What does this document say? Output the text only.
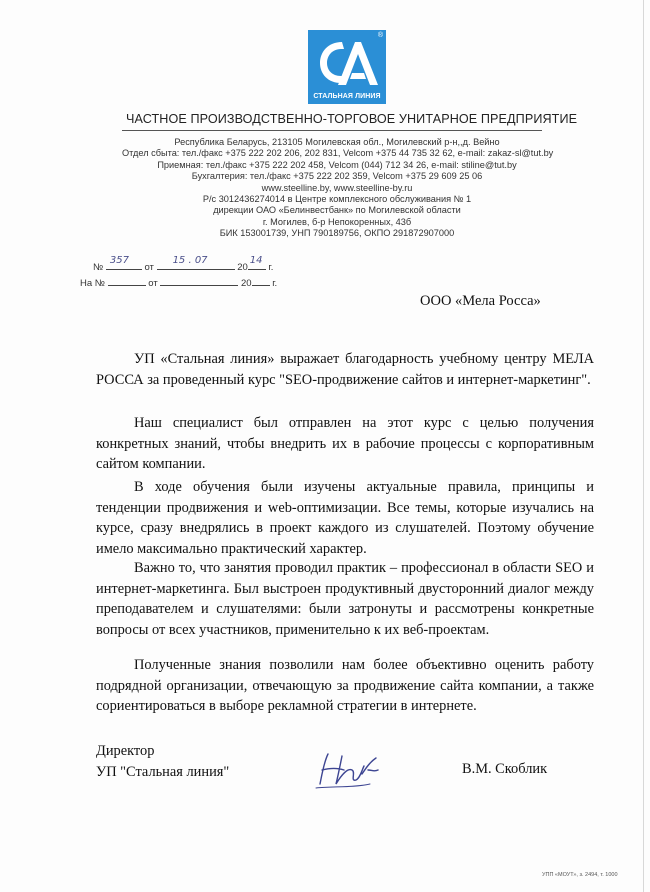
®
СТАЛЬНАЯ ЛИНИЯ
ЧАСТНОЕ ПРОИЗВОДСТВЕННО-ТОРГОВОЕ УНИТАРНОЕ ПРЕДПРИЯТИЕ
Республика Беларусь, 213105 Могилевская обл., Могилевский р-н,,д. Вейно
Отдел сбыта: тел./факс +375 222 202 206, 202 831, Velcom +375 44 735 32 62, e-mail: zakaz-sl@tut.by
Приемная: тел./факс +375 222 202 458, Velcom (044) 712 34 26, e-mail: stiline@tut.by
Бухгалтерия: тел./факс +375 222 202 359, Velcom +375 29 609 25 06
www.steelline.by, www.steelline-by.ru
Р/с 3012436274014 в Центре комплексного обслуживания № 1
дирекции ОАО «Белинвестбанк» по Могилевской области
г. Могилев, б-р Непокоренных, 43б
БИК 153001739, УНП 790189756, ОКПО 291872907000
№
357
от
15 . 07
20
14
г.
На №	от	20 г.
ООО «Мела Росса»

УП «Стальная линия» выражает благодарность учебному центру МЕЛА РОССА за проведенный курс "SEO-продвижение сайтов и интернет-маркетинг".

Наш специалист был отправлен на этот курс с целью получения конкретных знаний, чтобы внедрить их в рабочие процессы с корпоративным сайтом компании.

В ходе обучения были изучены актуальные правила, принципы и тенденции продвижения и web-оптимизации. Все темы, которые изучались на курсе, сразу внедрялись в проект каждого из слушателей. Поэтому обучение имело максимально практический характер.

Важно то, что занятия проводил практик – профессионал в области SEO и интернет-маркетинга. Был выстроен продуктивный двусторонний диалог между преподавателем и слушателями: были затронуты и рассмотрены конкретные вопросы от всех участников, применительно к их веб-проектам.

Полученные знания позволили нам более объективно оценить работу подрядной организации, отвечающую за продвижение сайта компании, а также сориентироваться в выборе рекламной стратегии в интернете.

Директор
УП "Стальная линия"	В.М. Скоблик
УПП «МОУТ», з. 2494, т. 1000
